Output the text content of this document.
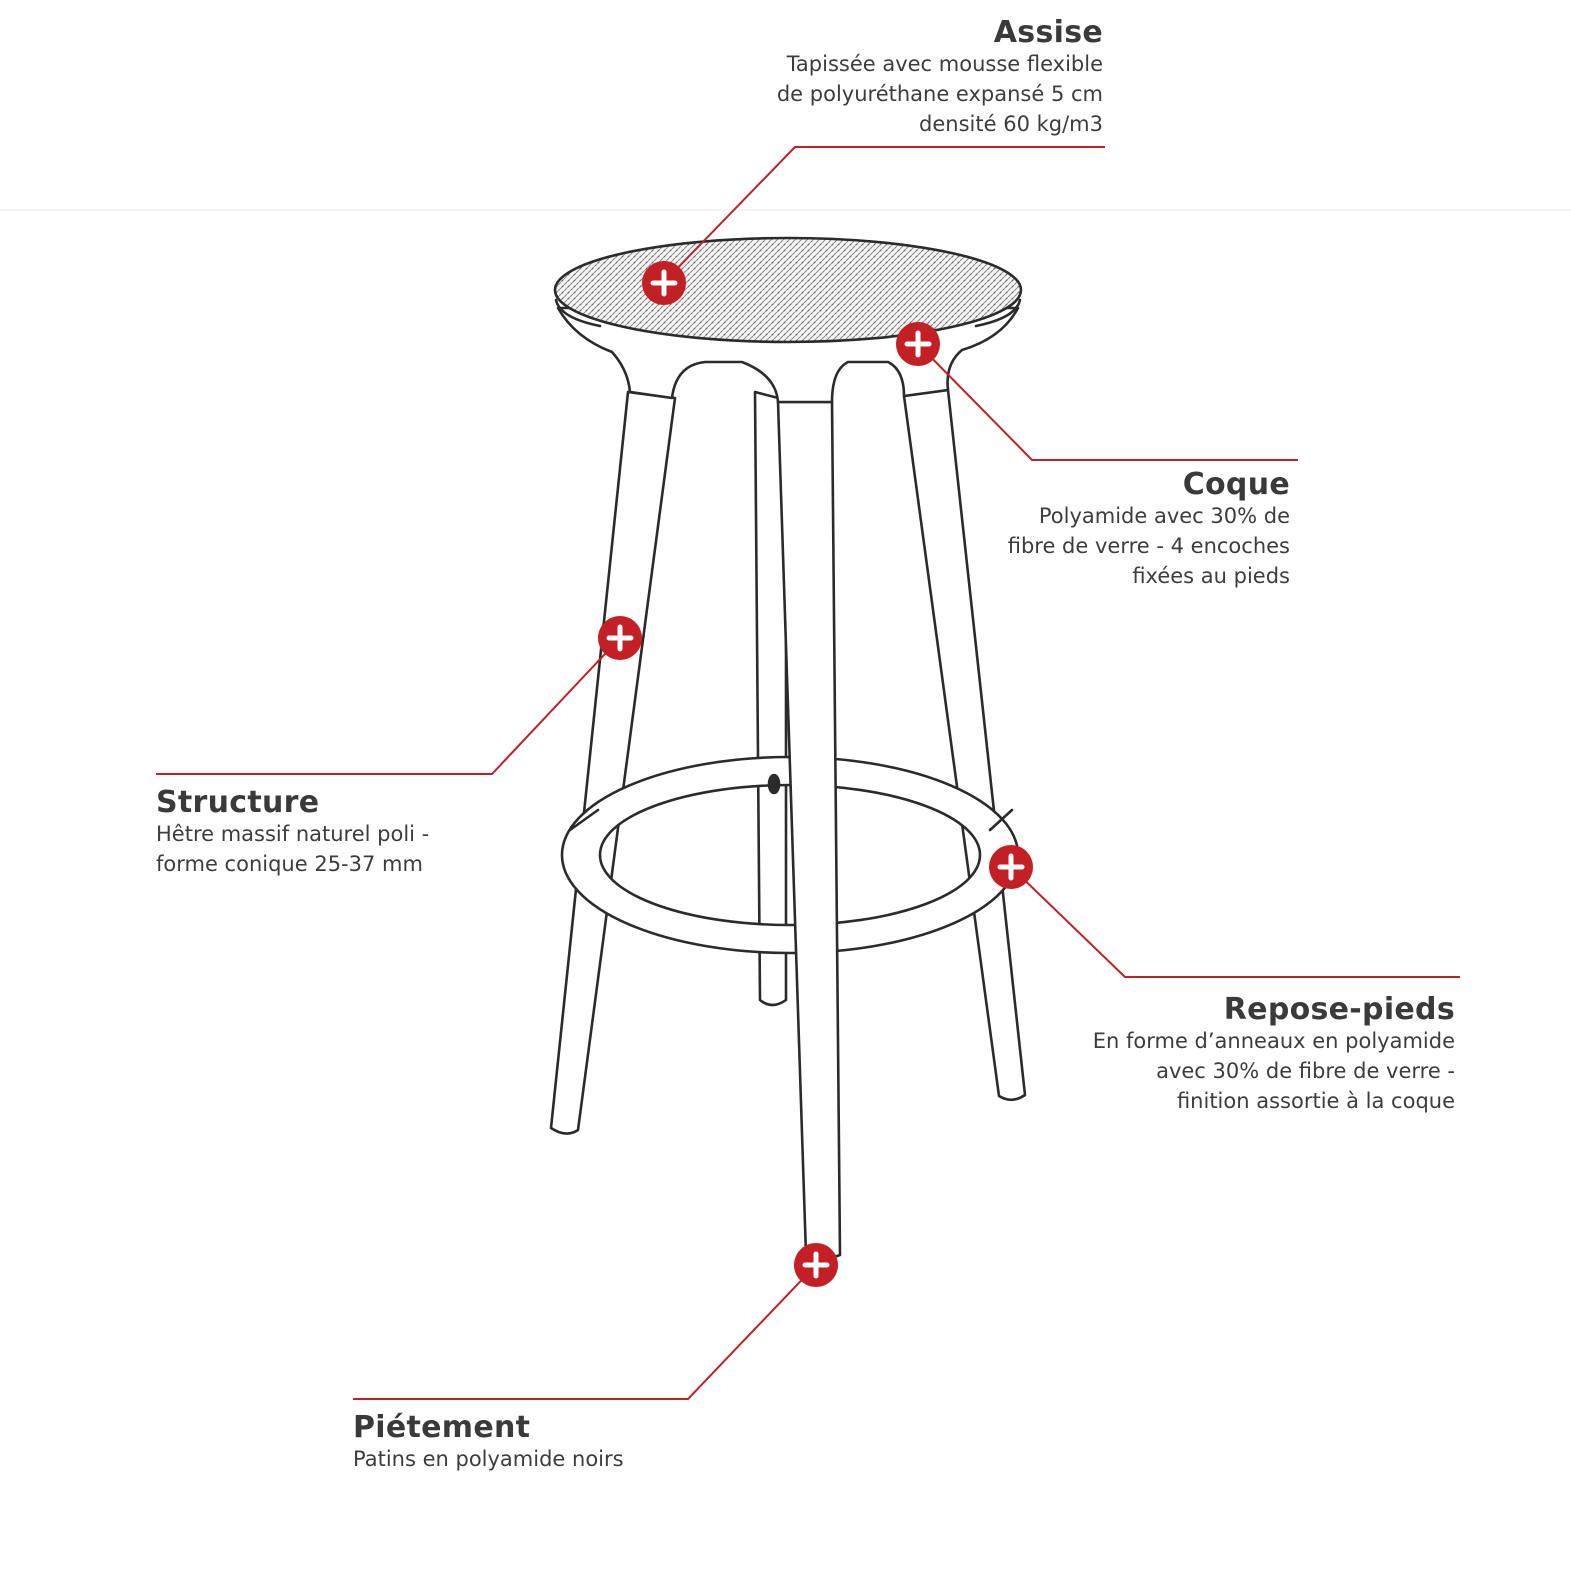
Assise
Tapissée avec mousse flexible
de polyuréthane expansé 5 cm
densité 60 kg/m3
Coque
Polyamide avec 30% de
fibre de verre - 4 encoches
fixées au pieds
Structure
Hêtre massif naturel poli -
forme conique 25-37 mm
Repose-pieds
En forme d’anneaux en polyamide
avec 30% de fibre de verre -
finition assortie à la coque
Piétement
Patins en polyamide noirs
